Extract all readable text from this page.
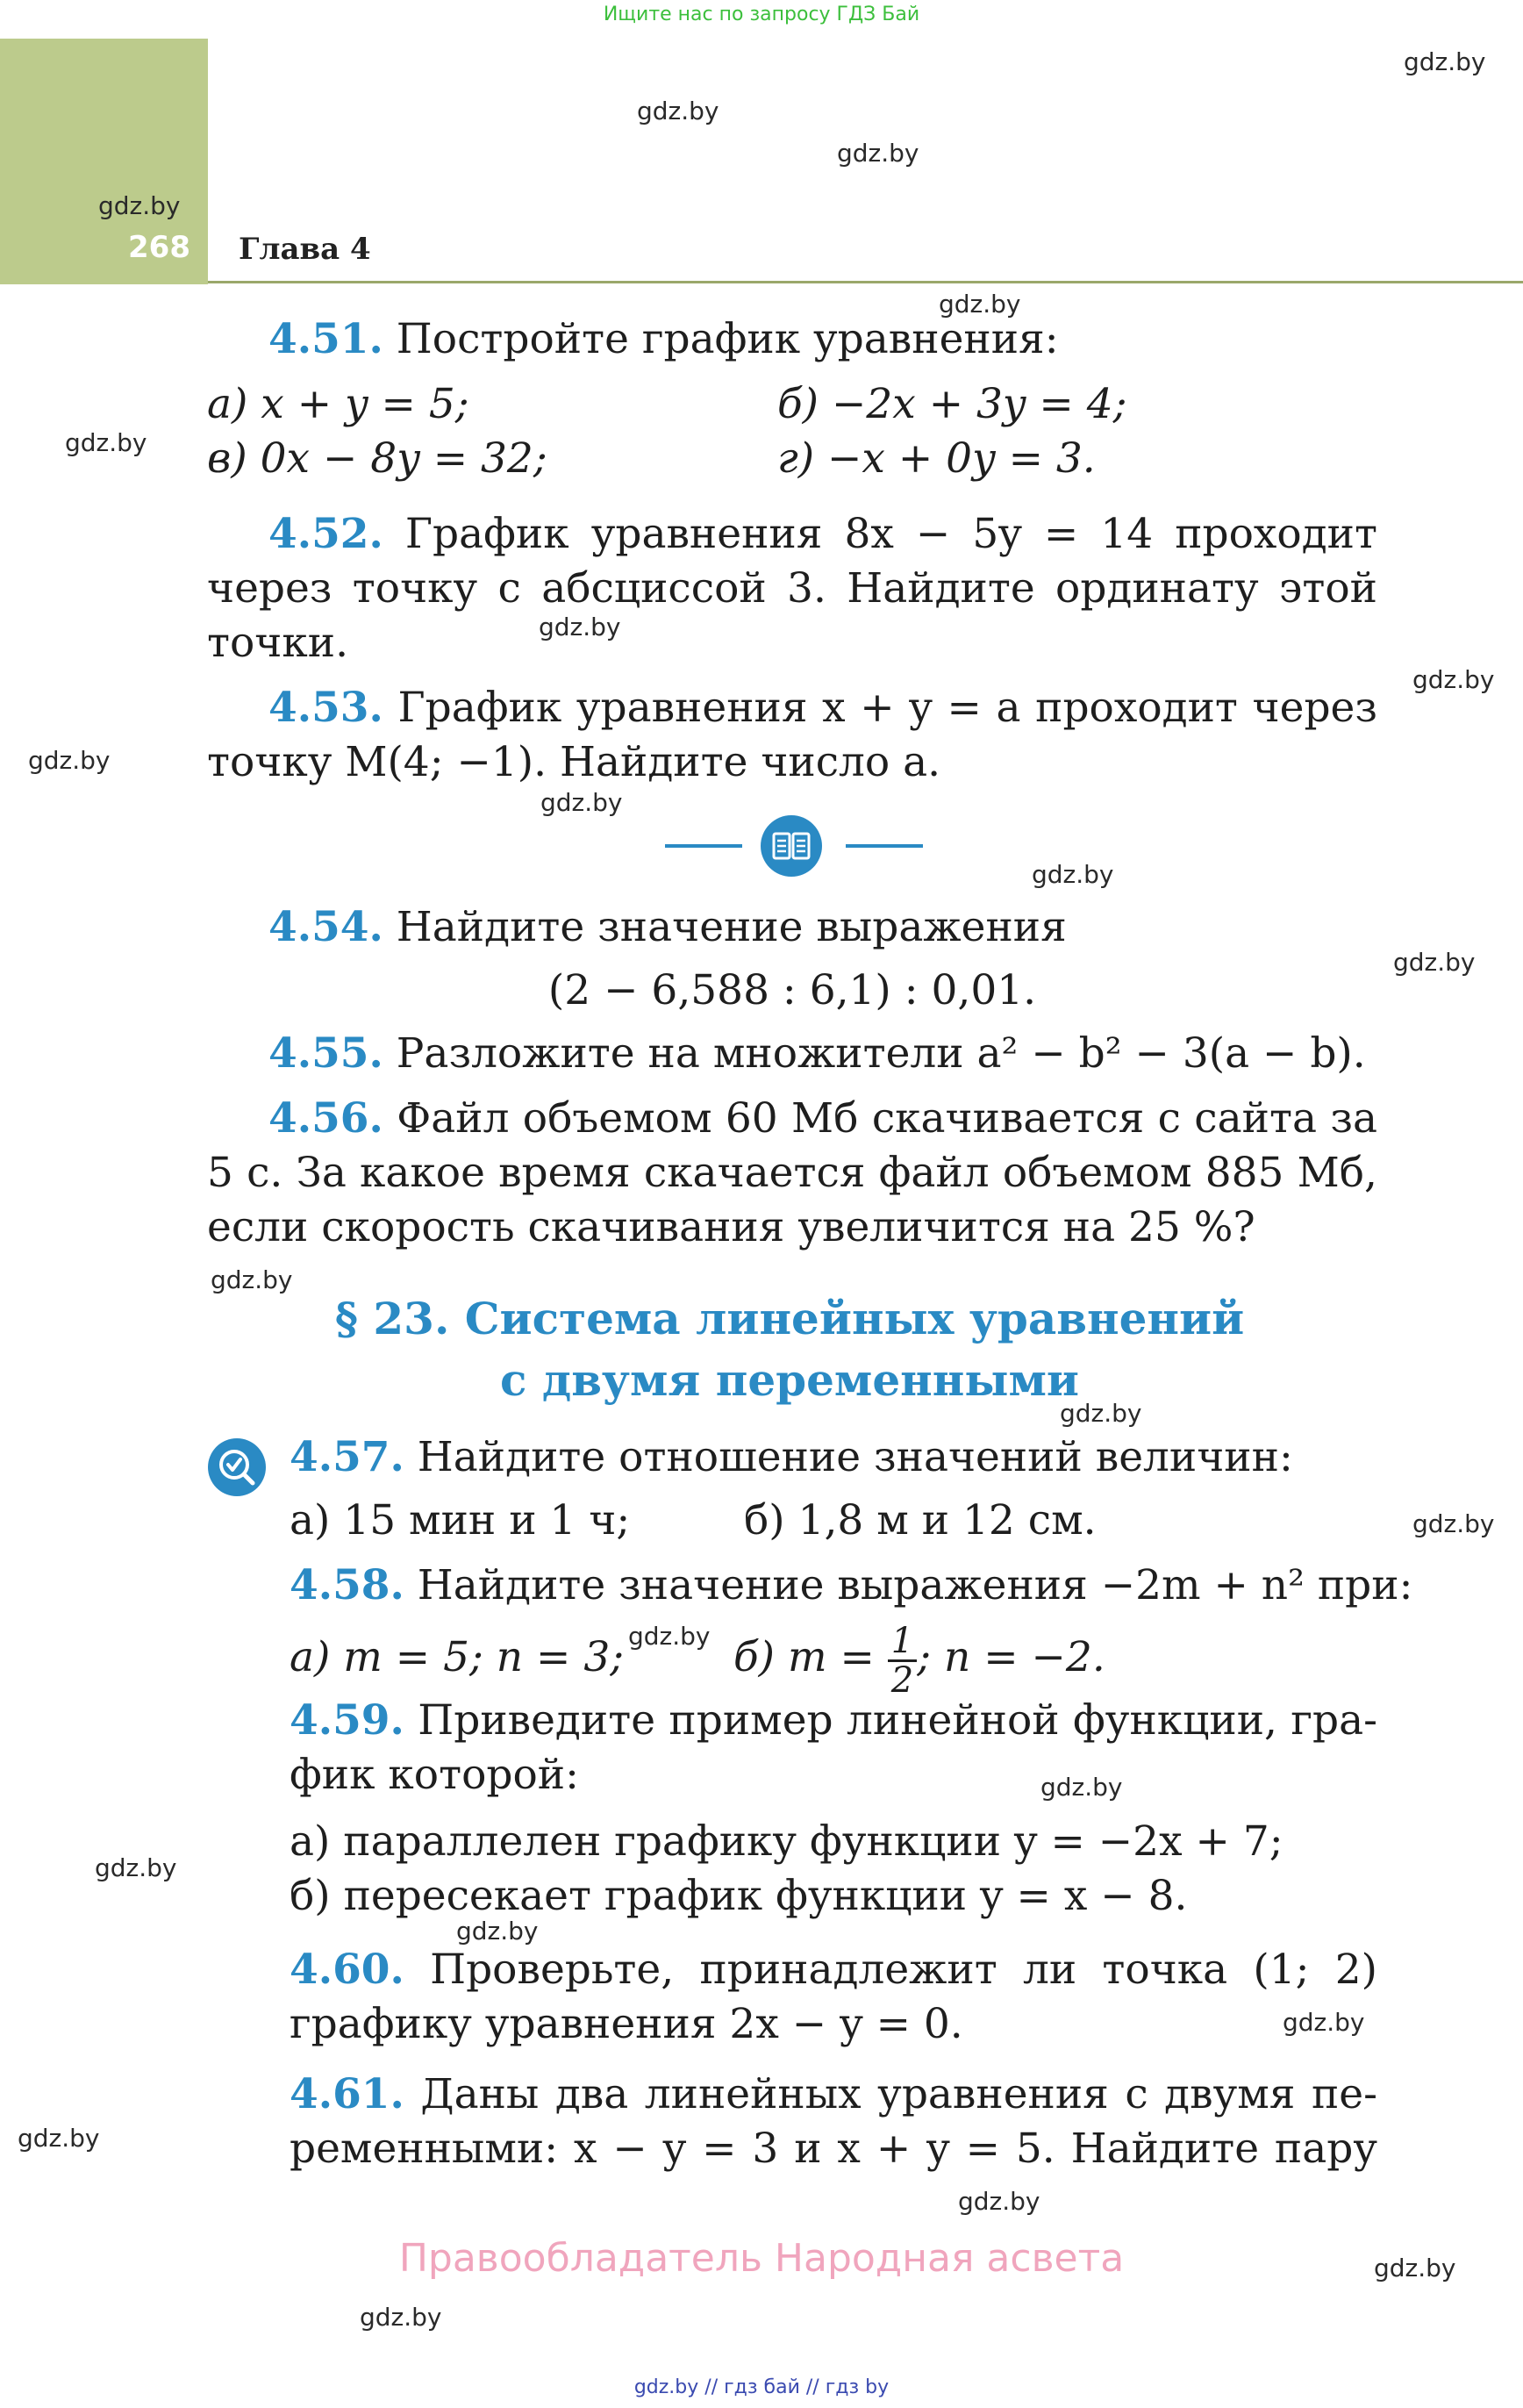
Ищите нас по запросу ГДЗ Бай
gdz.by
268 Глава 4
gdz.by
gdz.by
gdz.by
gdz.by
gdz.by
gdz.by
gdz.by
gdz.by
gdz.by
gdz.by
gdz.by
gdz.by
gdz.by
gdz.by
gdz.by
gdz.by
gdz.by
gdz.by
gdz.by
gdz.by
gdz.by
gdz.by
gdz.by
4.51. Постройте график уравнения:
а) x + y = 5;	б) −2x + 3y = 4;
в) 0x − 8y = 32;	г) −x + 0y = 3.
4.52. График уравнения 8x − 5y = 14 проходит
через точку с абсциссой 3. Найдите ординату этой
точки.
4.53. График уравнения x + y = a проходит через
точку M(4; −1). Найдите число a.
4.54. Найдите значение выражения
(2 − 6,588 : 6,1) : 0,01.
4.55. Разложите на множители a² − b² − 3(a − b).
4.56. Файл объемом 60 Мб скачивается с сайта за
5 с. За какое время скачается файл объемом 885 Мб,
если скорость скачивания увеличится на 25 %?
§ 23. Система линейных уравнений
с двумя переменными
4.57. Найдите отношение значений величин:
а) 15 мин и 1 ч;	б) 1,8 м и 12 см.
4.58. Найдите значение выражения −2m + n² при:
а) m = 5; n = 3;	б) $m = \frac{1}{2}$ ; n = −2.
4.59. Приведите пример линейной функции, гра-
фик которой:
а) параллелен графику функции y = −2x + 7;
б) пересекает график функции y = x − 8.
4.60. Проверьте, принадлежит ли точка (1; 2)
графику уравнения 2x − y = 0.
4.61. Даны два линейных уравнения с двумя пе-
ременными: x − y = 3 и x + y = 5. Найдите пару
Правообладатель Народная асвета
gdz.by // гдз бай // гдз by
